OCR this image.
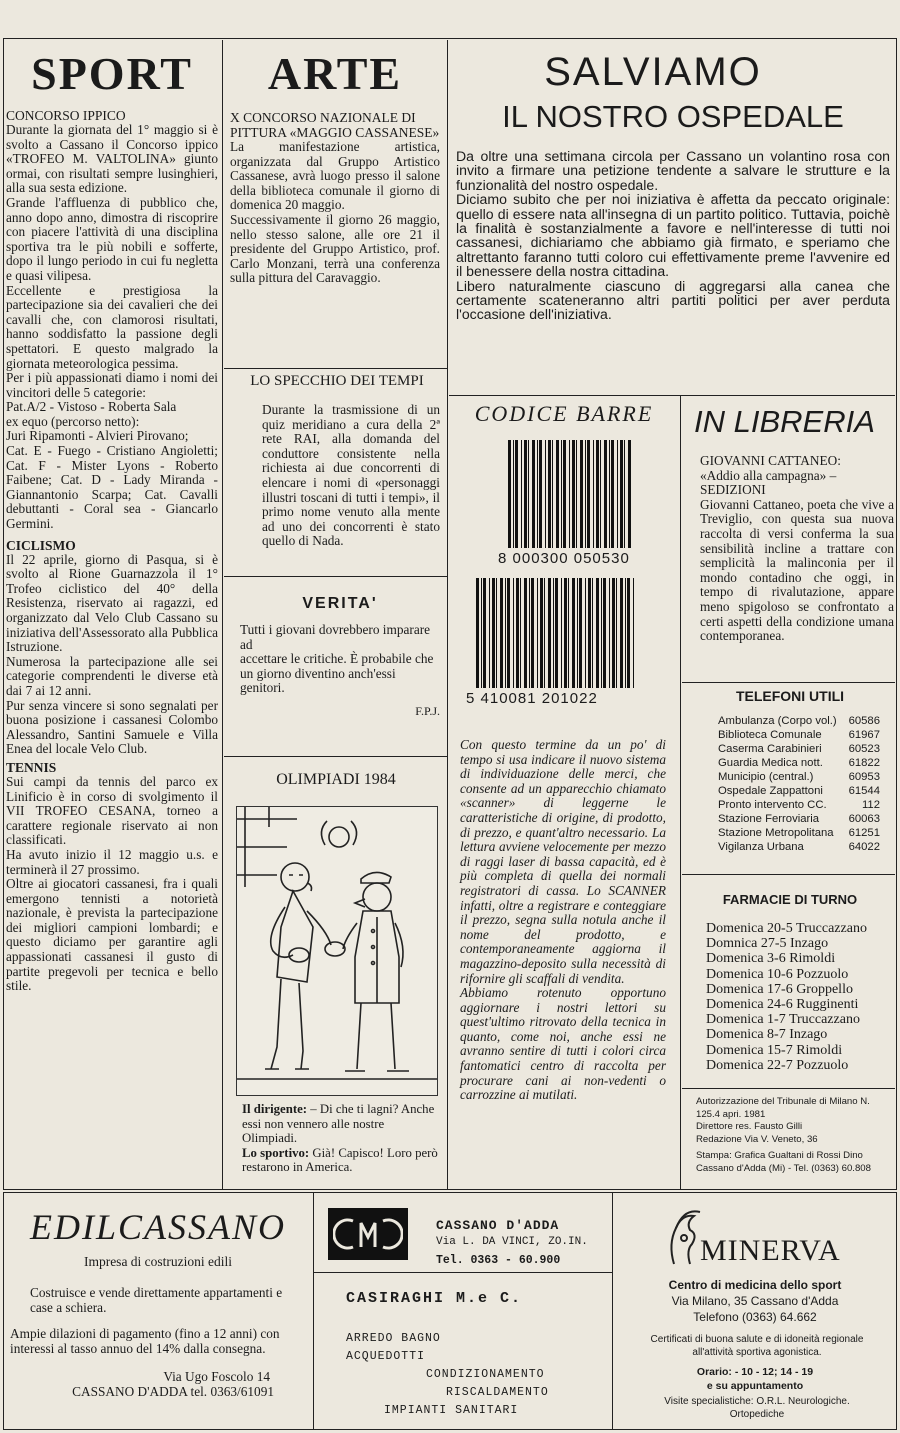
SPORT

CONCORSO IPPICO

Durante la giornata del 1° maggio si è svolto a Cassano il Concorso ippico «TROFEO M. VALTOLINA» giunto ormai, con risultati sempre lusinghieri, alla sua sesta edizione.
Grande l'affluenza di pubblico che, anno dopo anno, dimostra di riscoprire con piacere l'attività di una disciplina sportiva tra le più nobili e sofferte, dopo il lungo periodo in cui fu negletta e quasi vilipesa.
Eccellente e prestigiosa la partecipazione sia dei cavalieri che dei cavalli che, con clamorosi risultati, hanno soddisfatto la passione degli spettatori. E questo malgrado la giornata meteorologica pessima.
Per i più appassionati diamo i nomi dei vincitori delle 5 categorie:
Pat.A/2 - Vistoso - Roberta Sala
ex equo (percorso netto):
Juri Ripamonti - Alvieri Pirovano;
Cat. E - Fuego - Cristiano Angioletti; Cat. F - Mister Lyons - Roberto Faibene; Cat. D - Lady Miranda - Giannantonio Scarpa; Cat. Cavalli debuttanti - Coral sea - Giancarlo Germini.

CICLISMO

Il 22 aprile, giorno di Pasqua, si è svolto al Rione Guarnazzola il 1° Trofeo ciclistico del 40° della Resistenza, riservato ai ragazzi, ed organizzato dal Velo Club Cassano su iniziativa dell'Assessorato alla Pubblica Istruzione.
Numerosa la partecipazione alle sei categorie comprendenti le diverse età dai 7 ai 12 anni.
Pur senza vincere si sono segnalati per buona posizione i cassanesi Colombo Alessandro, Santini Samuele e Villa Enea del locale Velo Club.

TENNIS

Sui campi da tennis del parco ex Linificio è in corso di svolgimento il VII TROFEO CESANA, torneo a carattere regionale riservato ai non classificati.
Ha avuto inizio il 12 maggio u.s. e terminerà il 27 prossimo.
Oltre ai giocatori cassanesi, fra i quali emergono tennisti a notorietà nazionale, è prevista la partecipazione dei migliori campioni lombardi; e questo diciamo per garantire agli appassionati cassanesi il gusto di partite pregevoli per tecnica e bello stile.

ARTE

X CONCORSO NAZIONALE DI PITTURA «MAGGIO CASSANESE»

La manifestazione artistica, organizzata dal Gruppo Artistico Cassanese, avrà luogo presso il salone della biblioteca comunale il giorno di domenica 20 maggio.
Successivamente il giorno 26 maggio, nello stesso salone, alle ore 21 il presidente del Gruppo Artistico, prof. Carlo Monzani, terrà una conferenza sulla pittura del Caravaggio.

LO SPECCHIO DEI TEMPI

Durante la trasmissione di un quiz meridiano a cura della 2ª rete RAI, alla domanda del conduttore consistente nella richiesta ai due concorrenti di elencare i nomi di «personaggi illustri toscani di tutti i tempi», il primo nome venuto alla mente ad uno dei concorrenti è stato quello di Nada.

VERITA'

Tutti i giovani dovrebbero imparare ad
accettare le critiche. È probabile che
un giorno diventino anch'essi genitori.

F.P.J.

OLIMPIADI 1984

Il dirigente: – Di che ti lagni? Anche essi non vennero alle nostre Olimpiadi.
Lo sportivo: Già! Capisco! Loro però restarono in America.
SALVIAMO
IL NOSTRO OSPEDALE

Da oltre una settimana circola per Cassano un volantino rosa con invito a firmare una petizione tendente a salvare le strutture e la funzionalità del nostro ospedale.
Diciamo subito che per noi iniziativa è affetta da peccato originale: quello di essere nata all'insegna di un partito politico. Tuttavia, poichè la finalità è sostanzialmente a favore e nell'interesse di tutti noi cassanesi, dichiariamo che abbiamo già firmato, e speriamo che altrettanto faranno tutti coloro cui effettivamente preme l'avvenire ed il benessere della nostra cittadina.
Libero naturalmente ciascuno di aggregarsi alla canea che certamente scateneranno altri partiti politici per aver perduta l'occasione dell'iniziativa.

CODICE BARRE

8 000300 050530
5 410081 201022

Con questo termine da un po' di tempo si usa indicare il nuovo sistema di individuazione delle merci, che consente ad un apparecchio chiamato «scanner» di leggerne le caratteristiche di origine, di prodotto, di prezzo, e quant'altro necessario. La lettura avviene velocemente per mezzo di raggi laser di bassa capacità, ed è più completa di quella dei normali registratori di cassa. Lo SCANNER infatti, oltre a registrare e conteggiare il prezzo, segna sulla notula anche il nome del prodotto, e contemporaneamente aggiorna il magazzino-deposito sulla necessità di rifornire gli scaffali di vendita.
Abbiamo rotenuto opportuno aggiornare i nostri lettori su quest'ultimo ritrovato della tecnica in quanto, come noi, anche essi ne avranno sentire di tutti i colori circa fantomatici centro di raccolta per procurare cani ai non-vedenti o carrozzine ai mutilati.

IN LIBRERIA

GIOVANNI CATTANEO:
«Addio alla campagna» – SEDIZIONI

Giovanni Cattaneo, poeta che vive a Treviglio, con questa sua nuova raccolta di versi conferma la sua sensibilità incline a trattare con semplicità la malinconia per il mondo contadino che oggi, in tempo di rivalutazione, appare meno spigoloso se confrontato a certi aspetti della condizione umana contemporanea.

TELEFONI UTILI

Ambulanza (Corpo vol.) 60586
Biblioteca Comunale 61967
Caserma Carabinieri 60523
Guardia Medica nott. 61822
Municipio (central.)	60953
Ospedale Zappattoni 61544
Pronto intervento CC.	112
Stazione Ferroviaria	60063
Stazione Metropolitana 61251
Vigilanza Urbana	64022

FARMACIE DI TURNO

Domenica 20-5 Truccazzano
Domnica 27-5 Inzago
Domenica 3-6 Rimoldi
Domenica 10-6 Pozzuolo
Domenica 17-6 Groppello
Domenica 24-6 Rugginenti
Domenica 1-7 Truccazzano
Domenica 8-7 Inzago
Domenica 15-7 Rimoldi
Domenica 22-7 Pozzuolo
Autorizzazione del Tribunale di Milano N. 125.4 apri. 1981
Direttore res. Fausto Gilli
Redazione Via V. Veneto, 36
Stampa: Grafica Gualtani di Rossi Dino Cassano d'Adda (Mi) - Tel. (0363) 60.808
EDILCASSANO

Impresa di costruzioni edili

Costruisce e vende direttamente appartamenti e case a schiera.

Ampie dilazioni di pagamento (fino a 12 anni) con interessi al tasso annuo del 14% dalla consegna.

Via Ugo Foscolo 14

CASSANO D'ADDA tel. 0363/61091

CASSANO D'ADDA
Via L. DA VINCI, ZO.IN.
Tel. 0363 - 60.900
CASIRAGHI M.e C.
ARREDO BAGNO
ACQUEDOTTI
CONDIZIONAMENTO
RISCALDAMENTO
IMPIANTI SANITARI
MINERVA
Centro di medicina dello sport
Via Milano, 35 Cassano d'Adda
Telefono (0363) 64.662
Certificati di buona salute e di idoneità regionale all'attività sportiva agonistica.
Orario: - 10 - 12; 14 - 19
e su appuntamento
Visite specialistiche: O.R.L. Neurologiche. Ortopediche
